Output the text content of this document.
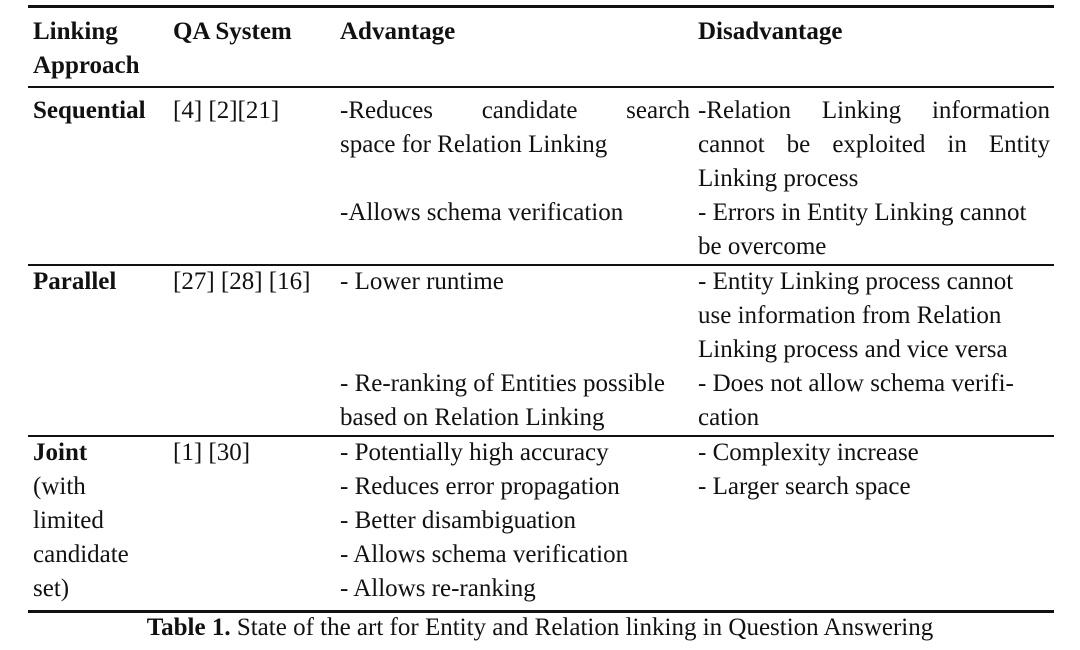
Linking
Approach
QA System Advantage	Disadvantage
Sequential [4] [2][21] -Reduces candidate search
space for Relation Linking
-Allows schema verification
-Relation Linking information
cannot be exploited in Entity
Linking process
- Errors in Entity Linking cannot
be overcome
Parallel [27] [28] [16] - Lower runtime
- Re-ranking of Entities possible
based on Relation Linking
- Entity Linking process cannot
use information from Relation
Linking process and vice versa
- Does not allow schema verifi-
cation
Joint
(with
limited
candidate
set)
[1] [30]	- Potentially high accuracy
- Reduces error propagation
- Better disambiguation
- Allows schema verification
- Allows re-ranking
- Complexity increase
- Larger search space
Table 1. State of the art for Entity and Relation linking in Question Answering
